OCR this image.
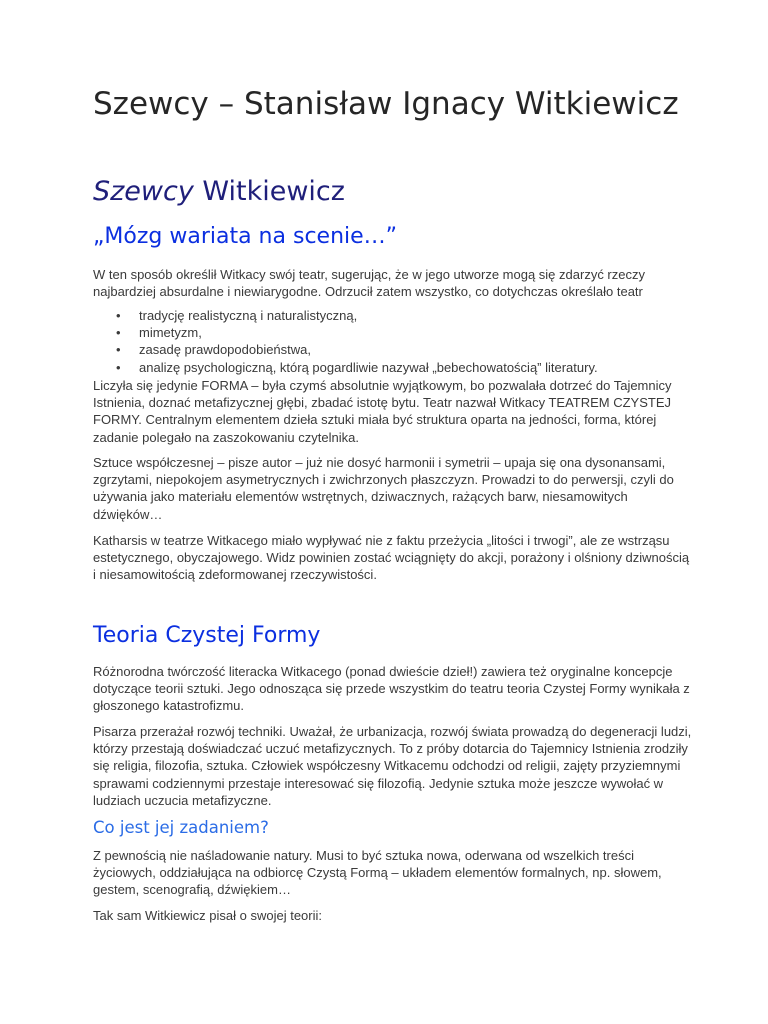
Szewcy – Stanisław Ignacy Witkiewicz
Szewcy Witkiewicz
„Mózg wariata na scenie…”

W ten sposób określił Witkacy swój teatr, sugerując, że w jego utworze mogą się zdarzyć rzeczy najbardziej absurdalne i niewiarygodne. Odrzucił zatem wszystko, co dotychczas określało teatr

• tradycję realistyczną i naturalistyczną,
• mimetyzm,
• zasadę prawdopodobieństwa,
• analizę psychologiczną, którą pogardliwie nazywał „bebechowatością” literatury.

Liczyła się jedynie FORMA – była czymś absolutnie wyjątkowym, bo pozwalała dotrzeć do Tajemnicy Istnienia, doznać metafizycznej głębi, zbadać istotę bytu. Teatr nazwał Witkacy TEATREM CZYSTEJ FORMY. Centralnym elementem dzieła sztuki miała być struktura oparta na jedności, forma, której zadanie polegało na zaszokowaniu czytelnika.

Sztuce współczesnej – pisze autor – już nie dosyć harmonii i symetrii – upaja się ona dysonansami, zgrzytami, niepokojem asymetrycznych i zwichrzonych płaszczyzn. Prowadzi to do perwersji, czyli do używania jako materiału elementów wstrętnych, dziwacznych, rażących barw, niesamowitych dźwięków…

Katharsis w teatrze Witkacego miało wypływać nie z faktu przeżycia „litości i trwogi”, ale ze wstrząsu estetycznego, obyczajowego. Widz powinien zostać wciągnięty do akcji, porażony i olśniony dziwnością i niesamowitością zdeformowanej rzeczywistości.

Teoria Czystej Formy

Różnorodna twórczość literacka Witkacego (ponad dwieście dzieł!) zawiera też oryginalne koncepcje dotyczące teorii sztuki. Jego odnosząca się przede wszystkim do teatru teoria Czystej Formy wynikała z głoszonego katastrofizmu.

Pisarza przerażał rozwój techniki. Uważał, że urbanizacja, rozwój świata prowadzą do degeneracji ludzi, którzy przestają doświadczać uczuć metafizycznych. To z próby dotarcia do Tajemnicy Istnienia zrodziły się religia, filozofia, sztuka. Człowiek współczesny Witkacemu odchodzi od religii, zajęty przyziemnymi sprawami codziennymi przestaje interesować się filozofią. Jedynie sztuka może jeszcze wywołać w ludziach uczucia metafizyczne.

Co jest jej zadaniem?

Z pewnością nie naśladowanie natury. Musi to być sztuka nowa, oderwana od wszelkich treści życiowych, oddziałująca na odbiorcę Czystą Formą – układem elementów formalnych, np. słowem, gestem, scenografią, dźwiękiem…

Tak sam Witkiewicz pisał o swojej teorii:
